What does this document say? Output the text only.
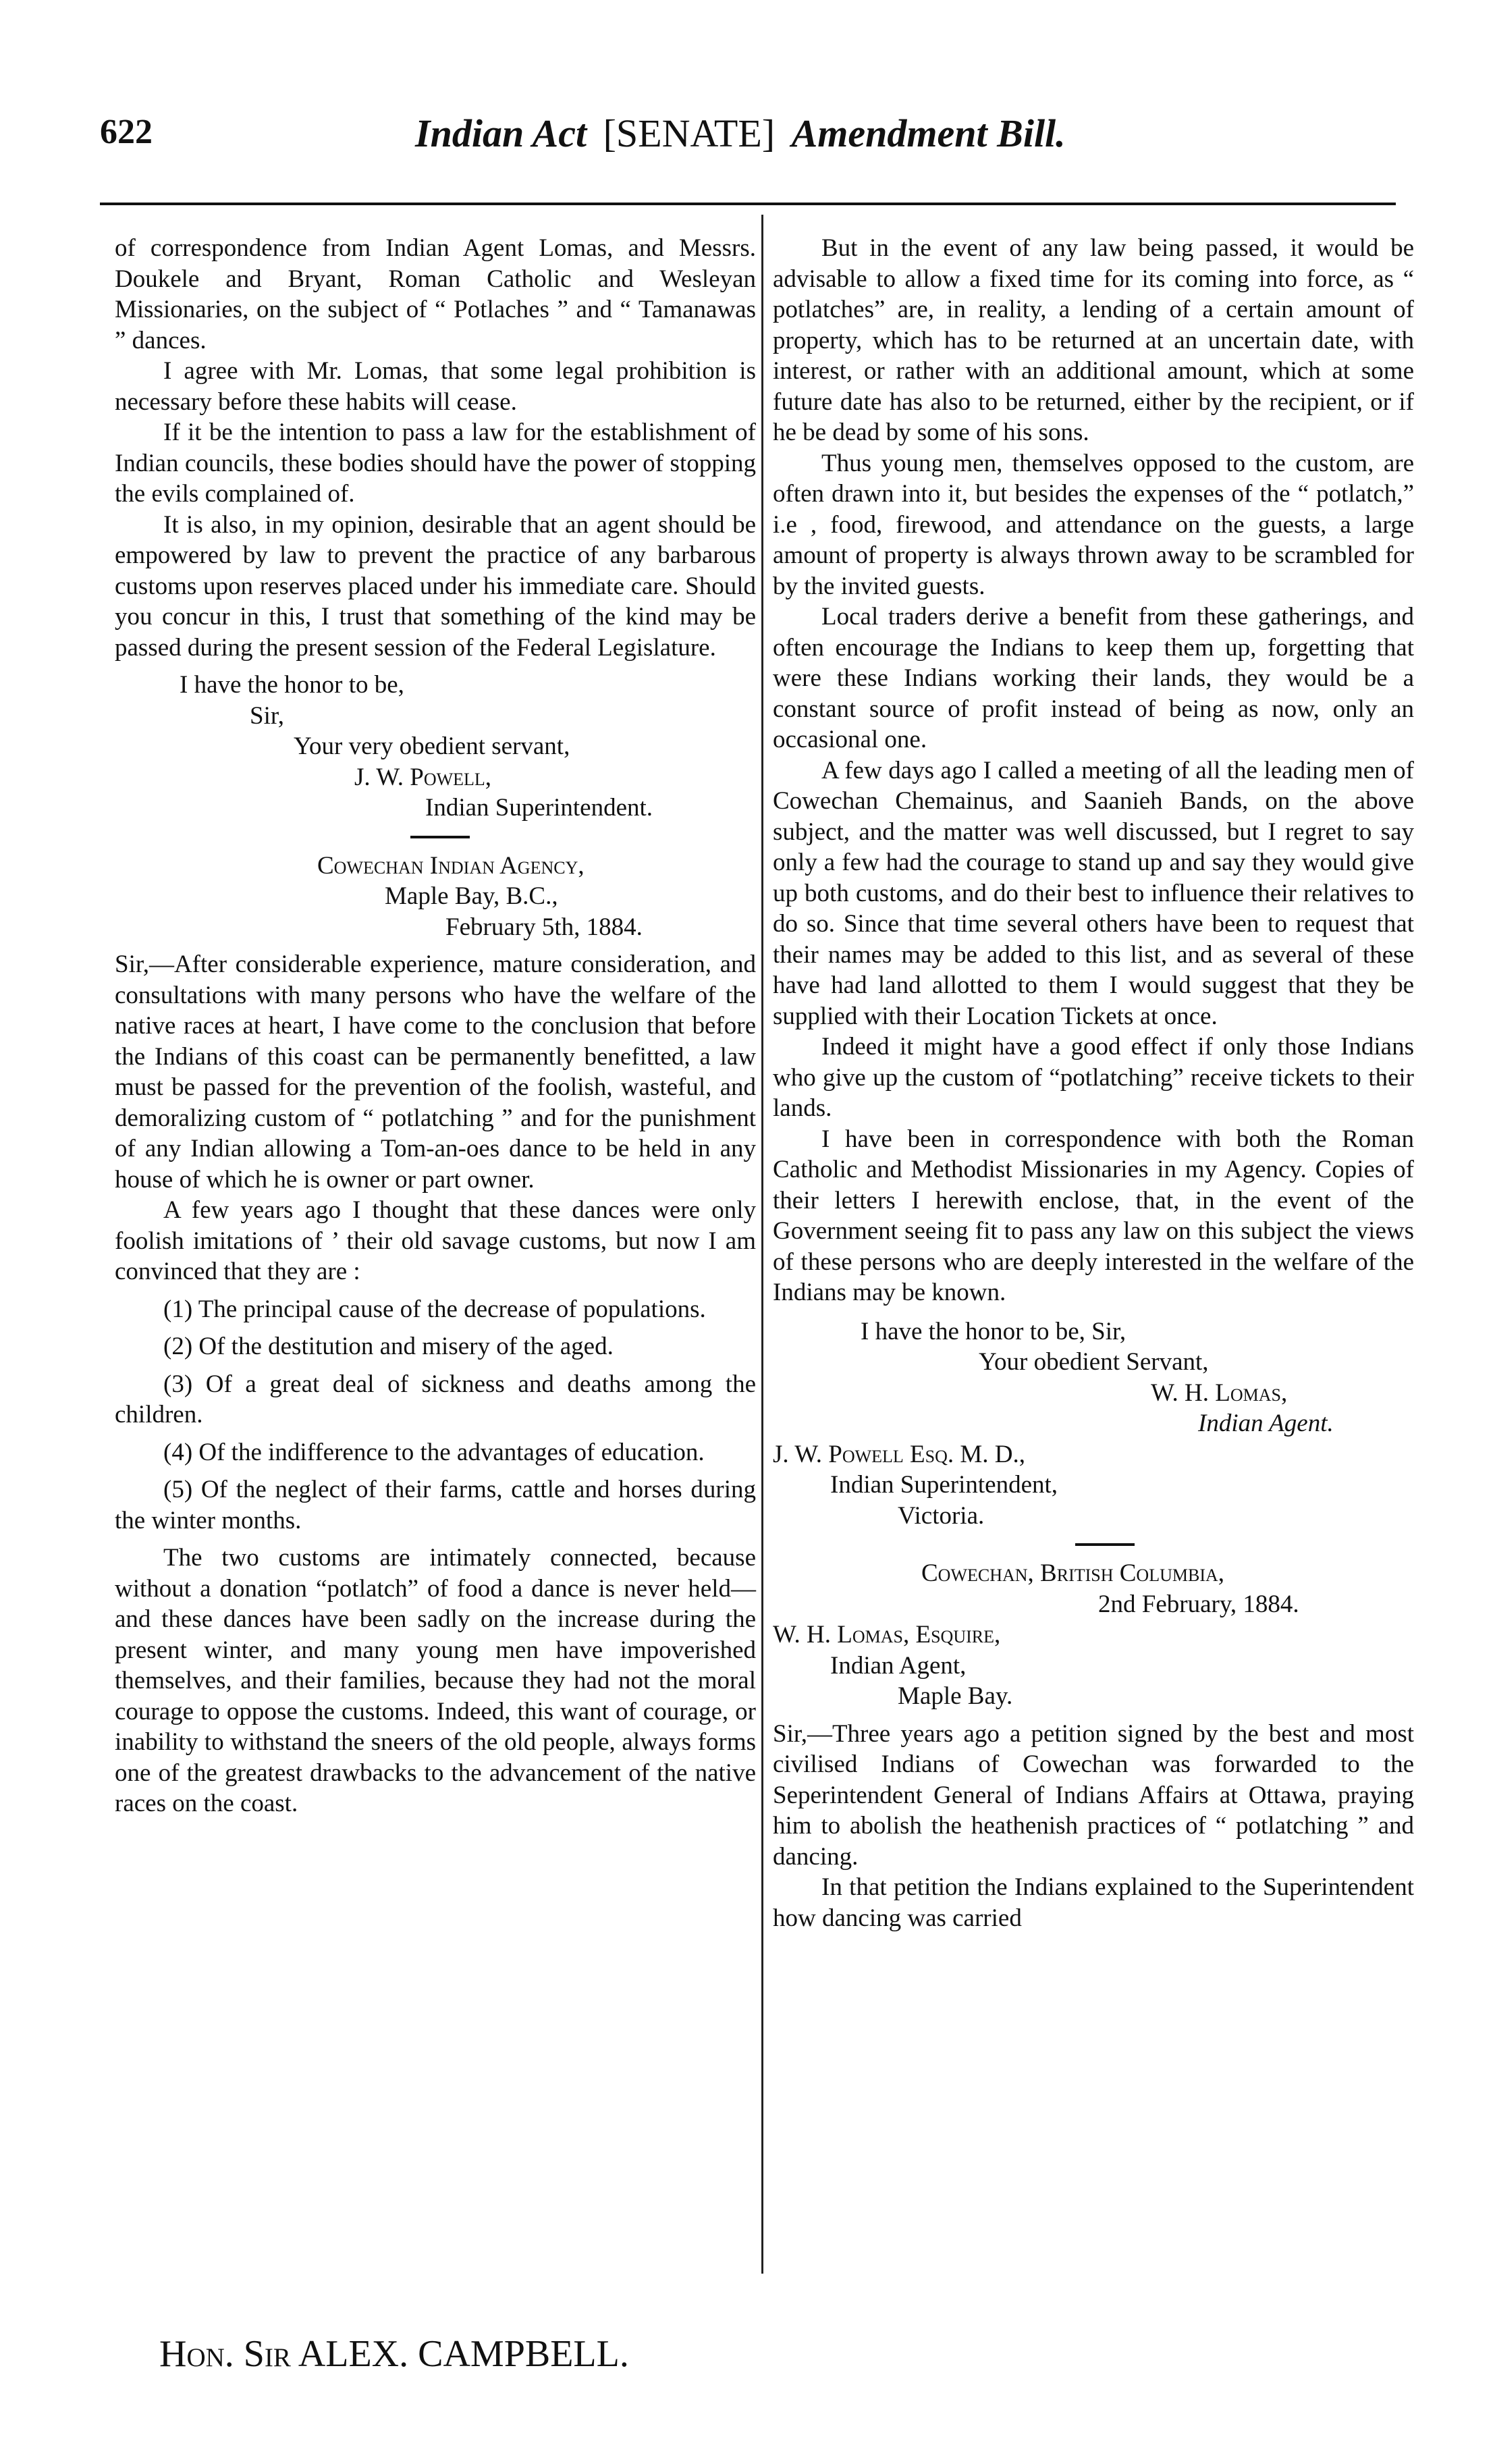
622	Indian Act [SENATE] Amendment Bill.

of correspondence from Indian Agent Lomas, and Messrs. Doukele and Bryant, Roman Catholic and Wesleyan Missionaries, on the subject of “ Potlaches ” and “ Tamanawas ” dances.

I agree with Mr. Lomas, that some legal prohibition is necessary before these habits will cease.

If it be the intention to pass a law for the establishment of Indian councils, these bodies should have the power of stopping the evils complained of.

It is also, in my opinion, desirable that an agent should be empowered by law to prevent the practice of any barbarous customs upon reserves placed under his immediate care. Should you concur in this, I trust that something of the kind may be passed during the present session of the Federal Legislature.

I have the honor to be,
Sir,
Your very obedient servant,
J. W. Powell,
Indian Superintendent.
Cowechan Indian Agency,
Maple Bay, B.C.,
February 5th, 1884.

Sir,—After considerable experience, mature consideration, and consultations with many persons who have the welfare of the native races at heart, I have come to the conclusion that before the Indians of this coast can be permanently benefitted, a law must be passed for the prevention of the foolish, wasteful, and demoralizing custom of “ potlatching ” and for the punishment of any Indian allowing a Tom-an-oes dance to be held in any house of which he is owner or part owner.

A few years ago I thought that these dances were only foolish imitations of ’ their old savage customs, but now I am convinced that they are :

(1) The principal cause of the decrease of populations.

(2) Of the destitution and misery of the aged.

(3) Of a great deal of sickness and deaths among the children.

(4) Of the indifference to the advantages of education.

(5) Of the neglect of their farms, cattle and horses during the winter months.

The two customs are intimately connected, because without a donation “potlatch” of food a dance is never held—and these dances have been sadly on the increase during the present winter, and many young men have impoverished themselves, and their families, because they had not the moral courage to oppose the customs. Indeed, this want of courage, or inability to withstand the sneers of the old people, always forms one of the greatest drawbacks to the advancement of the native races on the coast.

But in the event of any law being passed, it would be advisable to allow a fixed time for its coming into force, as “ potlatches” are, in reality, a lending of a certain amount of property, which has to be returned at an uncertain date, with interest, or rather with an additional amount, which at some future date has also to be returned, either by the recipient, or if he be dead by some of his sons.

Thus young men, themselves opposed to the custom, are often drawn into it, but besides the expenses of the “ potlatch,” i.e , food, firewood, and attendance on the guests, a large amount of property is always thrown away to be scrambled for by the invited guests.

Local traders derive a benefit from these gatherings, and often encourage the Indians to keep them up, forgetting that were these Indians working their lands, they would be a constant source of profit instead of being as now, only an occasional one.

A few days ago I called a meeting of all the leading men of Cowechan Chemainus, and Saanieh Bands, on the above subject, and the matter was well discussed, but I regret to say only a few had the courage to stand up and say they would give up both customs, and do their best to influence their relatives to do so. Since that time several others have been to request that their names may be added to this list, and as several of these have had land allotted to them I would suggest that they be supplied with their Location Tickets at once.

Indeed it might have a good effect if only those Indians who give up the custom of “potlatching” receive tickets to their lands.

I have been in correspondence with both the Roman Catholic and Methodist Missionaries in my Agency. Copies of their letters I herewith enclose, that, in the event of the Government seeing fit to pass any law on this subject the views of these persons who are deeply interested in the welfare of the Indians may be known.

I have the honor to be, Sir,
Your obedient Servant,
W. H. Lomas,
Indian Agent.
J. W. Powell Esq. M. D.,
Indian Superintendent,
Victoria.
Cowechan, British Columbia,
2nd February, 1884.
W. H. Lomas, Esquire,
Indian Agent,
Maple Bay.

Sir,—Three years ago a petition signed by the best and most civilised Indians of Cowechan was forwarded to the Seperintendent General of Indians Affairs at Ottawa, praying him to abolish the heathenish practices of “ potlatching ” and dancing.

In that petition the Indians explained to the Superintendent how dancing was carried

Hon. Sir ALEX. CAMPBELL.
